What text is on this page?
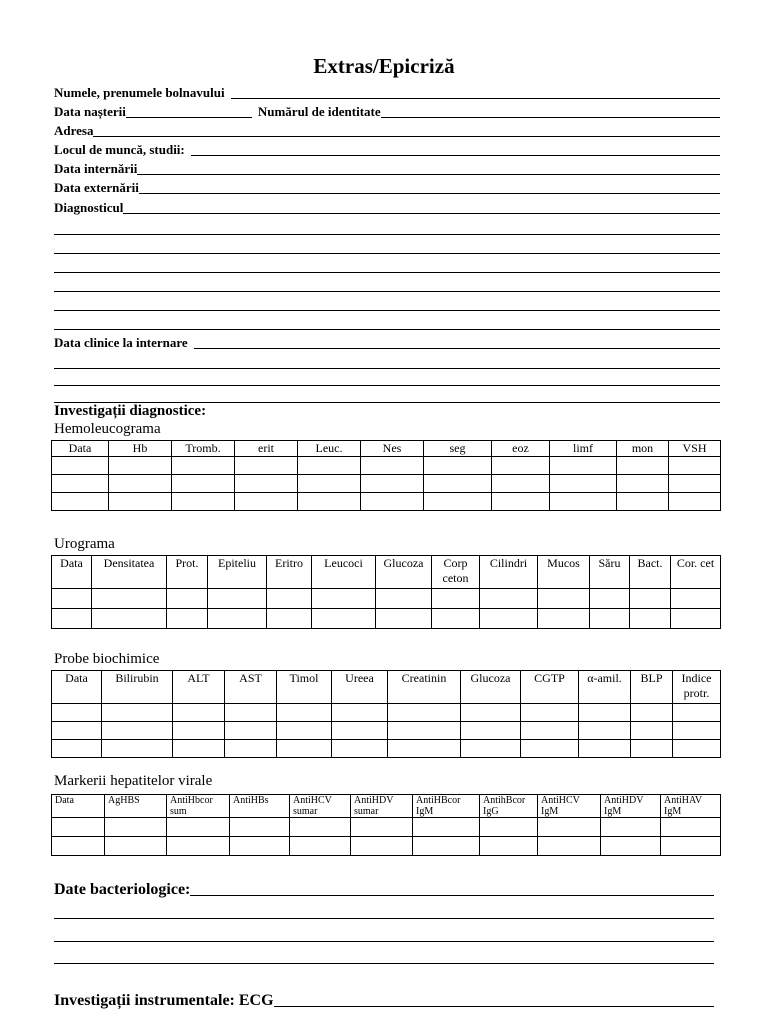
Extras/Epicriză
Numele, prenumele bolnavului
Data nașterii	Numărul de identitate
Adresa
Locul de muncă, studii:
Data internării
Data externării
Diagnosticul
Data clinice la internare
Investigații diagnostice:
Hemoleucograma
Data	Hb	Tromb.	erit	Leuc.	Nes	seg	eoz	limf	mon	VSH

Urograma
Data	Densitatea	Prot.	Epiteliu	Eritro	Leucoci	Glucoza	Corp ceton	Cilindri	Mucos	Săru	Bact.	Cor. cet

Probe biochimice
Data	Bilirubin	ALT	AST	Timol	Ureea	Creatinin	Glucoza	CGTP	α-amil.	BLP	Indice protr.

Markerii hepatitelor virale
Data	AgHBS	AntiHbcor sum	AntiHBs	AntiHCV sumar	AntiHDV sumar	AntiHBcor IgM	AntihBcor IgG	AntiHCV IgM	AntiHDV IgM	AntiHAV IgM

Date bacteriologice:
Investigații instrumentale: ECG
